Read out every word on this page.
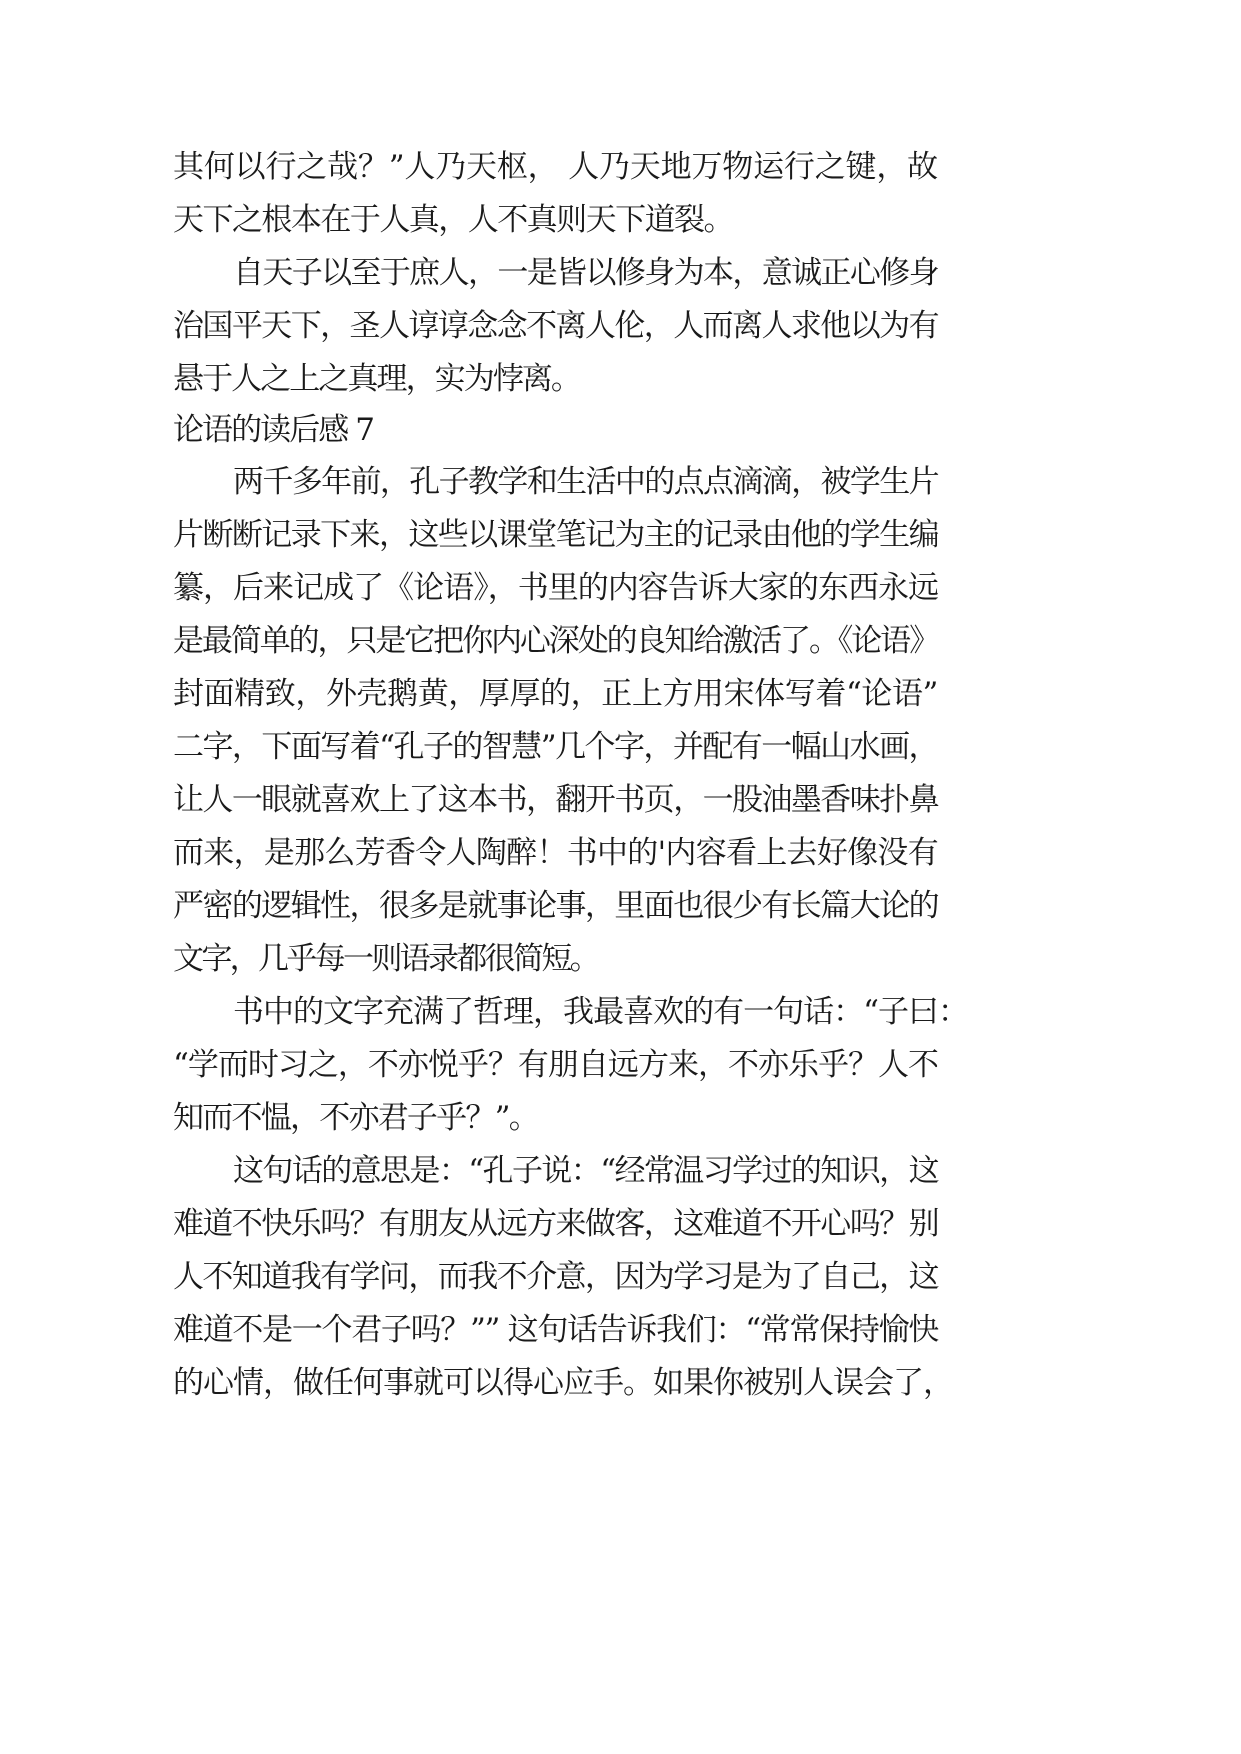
其何以行之哉？”人乃天枢， 人乃天地万物运行之键，故
天下之根本在于人真，人不真则天下道裂。
自天子以至于庶人，一是皆以修身为本，意诚正心修身
治国平天下，圣人谆谆念念不离人伦，人而离人求他以为有
悬于人之上之真理，实为悖离。
论语的读后感 7
两千多年前，孔子教学和生活中的点点滴滴，被学生片
片断断记录下来，这些以课堂笔记为主的记录由他的学生编
纂，后来记成了《论语》，书里的内容告诉大家的东西永远
是最简单的，只是它把你内心深处的良知给激活了。《论语》
封面精致，外壳鹅黄，厚厚的，正上方用宋体写着“论语”
二字，下面写着“孔子的智慧”几个字，并配有一幅山水画，
让人一眼就喜欢上了这本书，翻开书页，一股油墨香味扑鼻
而来，是那么芳香令人陶醉！书中的'内容看上去好像没有
严密的逻辑性，很多是就事论事，里面也很少有长篇大论的
文字，几乎每一则语录都很简短。
书中的文字充满了哲理，我最喜欢的有一句话：“子曰：
“学而时习之，不亦悦乎？有朋自远方来，不亦乐乎？人不
知而不愠，不亦君子乎？”。
这句话的意思是：“孔子说：“经常温习学过的知识，这
难道不快乐吗？有朋友从远方来做客，这难道不开心吗？别
人不知道我有学问，而我不介意，因为学习是为了自己，这
难道不是一个君子吗？”” 这句话告诉我们：“常常保持愉快
的心情，做任何事就可以得心应手。如果你被别人误会了，
